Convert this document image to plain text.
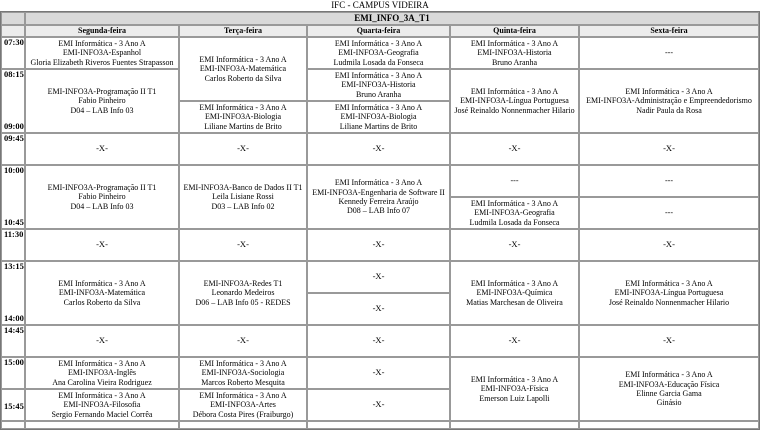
IFC - CAMPUS VIDEIRA
	EMI_INFO_3A_T1				
	Segunda-feira	Terça-feira	Quarta-feira	Quinta-feira	Sexta-feira
07:30	EMI Informática - 3 Ano A
EMI-INFO3A-Espanhol
Gloria Elizabeth Riveros Fuentes Strapasson	EMI Informática - 3 Ano A
EMI-INFO3A-Matemática
Carlos Roberto da Silva	EMI Informática - 3 Ano A
EMI-INFO3A-Geografia
Ludmila Losada da Fonseca	EMI Informática - 3 Ano A
EMI-INFO3A-Historia
Bruno Aranha	---

08:15
09:00	EMI-INFO3A-Programação II T1
Fabio Pinheiro
D04 – LAB Info 03		EMI Informática - 3 Ano A
EMI-INFO3A-Historia
Bruno Aranha	EMI Informática - 3 Ano A
EMI-INFO3A-Língua Portuguesa
José Reinaldo Nonnenmacher Hilario	EMI Informática - 3 Ano A
EMI-INFO3A-Administração e Empreendedorismo
Nadir Paula da Rosa

		EMI Informática - 3 Ano A
EMI-INFO3A-Biologia
Liliane Martins de Brito	EMI Informática - 3 Ano A
EMI-INFO3A-Biologia
Liliane Martins de Brito		

09:45	-X-	-X-	-X-	-X-	-X-

10:00
10:45	EMI-INFO3A-Programação II T1
Fabio Pinheiro
D04 – LAB Info 03	EMI-INFO3A-Banco de Dados II T1
Leila Lisiane Rossi
D03 – LAB Info 02	EMI Informática - 3 Ano A
EMI-INFO3A-Engenharia de Software II
Kennedy Ferreira Araújo
D08 – LAB Info 07	---	---

				EMI Informática - 3 Ano A
EMI-INFO3A-Geografia
Ludmila Losada da Fonseca	---
11:30	-X-	-X-	-X-	-X-	-X-

13:15
14:00	EMI Informática - 3 Ano A
EMI-INFO3A-Matemática
Carlos Roberto da Silva	EMI-INFO3A-Redes T1
Leonardo Medeiros
D06 – LAB Info 05 - REDES	-X-	EMI Informática - 3 Ano A
EMI-INFO3A-Química
Matias Marchesan de Oliveira	EMI Informática - 3 Ano A
EMI-INFO3A-Língua Portuguesa
José Reinaldo Nonnenmacher Hilario

			-X-		
14:45	-X-	-X-	-X-	-X-	-X-
15:00	EMI Informática - 3 Ano A
EMI-INFO3A-Inglês
Ana Carolina Vieira Rodriguez	EMI Informática - 3 Ano A
EMI-INFO3A-Sociologia
Marcos Roberto Mesquita	-X-	EMI Informática - 3 Ano A
EMI-INFO3A-Física
Emerson Luiz Lapolli	EMI Informática - 3 Ano A
EMI-INFO3A-Educação Física
Elinne Garcia Gama
Ginásio

15:45	EMI Informática - 3 Ano A
EMI-INFO3A-Filosofia
Sergio Fernando Maciel Corrêa	EMI Informática - 3 Ano A
EMI-INFO3A-Artes
Débora Costa Pires (Fraiburgo)	-X-		
